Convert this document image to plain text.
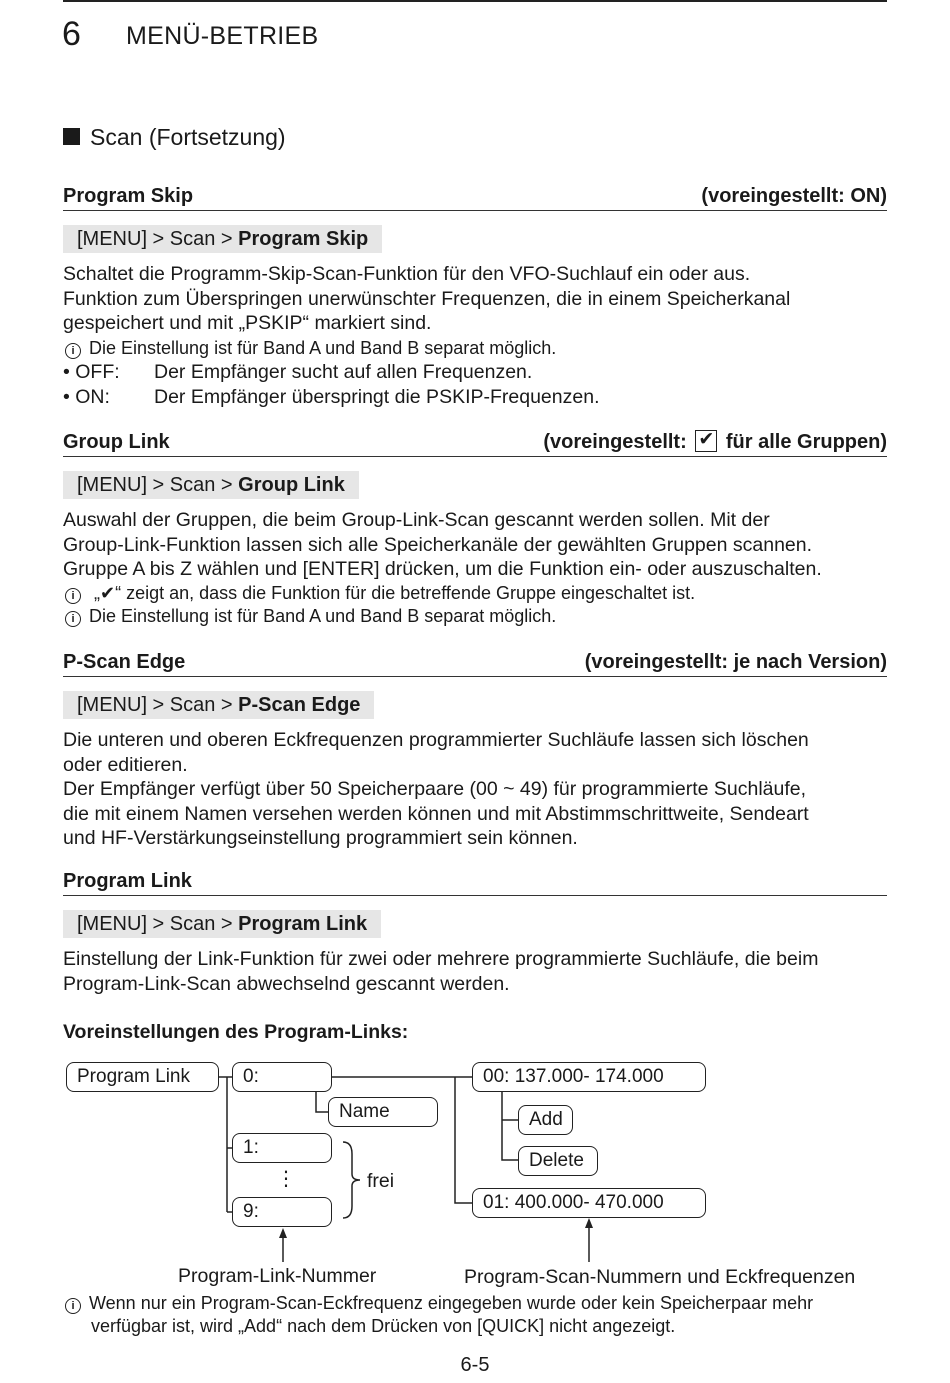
6 MENÜ-BETRIEB
Scan (Fortsetzung)
Program Skip	(voreingestellt: ON)
[MENU] > Scan > Program Skip

Schaltet die Programm-Skip-Scan-Funktion für den VFO-Suchlauf ein oder aus.

Funktion zum Überspringen unerwünschter Frequenzen, die in einem Speicherkanal

gespeichert und mit „PSKIP“ markiert sind.

i Die Einstellung ist für Band A und Band B separat möglich.
• OFF: Der Empfänger sucht auf allen Frequenzen.
• ON: Der Empfänger überspringt die PSKIP-Frequenzen.
Group Link	(voreingestellt: ✔ für alle Gruppen)
[MENU] > Scan > Group Link

Auswahl der Gruppen, die beim Group-Link-Scan gescannt werden sollen. Mit der

Group-Link-Funktion lassen sich alle Speicherkanäle der gewählten Gruppen scannen.

Gruppe A bis Z wählen und [ENTER] drücken, um die Funktion ein- oder auszuschalten.

i „✔“ zeigt an, dass die Funktion für die betreffende Gruppe eingeschaltet ist.
i Die Einstellung ist für Band A und Band B separat möglich.
P-Scan Edge	(voreingestellt: je nach Version)
[MENU] > Scan > P-Scan Edge

Die unteren und oberen Eckfrequenzen programmierter Suchläufe lassen sich löschen

oder editieren.

Der Empfänger verfügt über 50 Speicherpaare (00 ~ 49) für programmierte Suchläufe,

die mit einem Namen versehen werden können und mit Abstimmschrittweite, Sendeart

und HF-Verstärkungseinstellung programmiert sein können.

Program Link
[MENU] > Scan > Program Link

Einstellung der Link-Funktion für zwei oder mehrere programmierte Suchläufe, die beim

Program-Link-Scan abwechselnd gescannt werden.

Voreinstellungen des Program-Links:
Program Link	0:
Name
1:
⋮
9:
frei
00: 137.000- 174.000
Add
Delete
01: 400.000- 470.000
Program-Link-Nummer	Program-Scan-Nummern und Eckfrequenzen
i Wenn nur ein Program-Scan-Eckfrequenz eingegeben wurde oder kein Speicherpaar mehr
verfügbar ist, wird „Add“ nach dem Drücken von [QUICK] nicht angezeigt.
6-5
